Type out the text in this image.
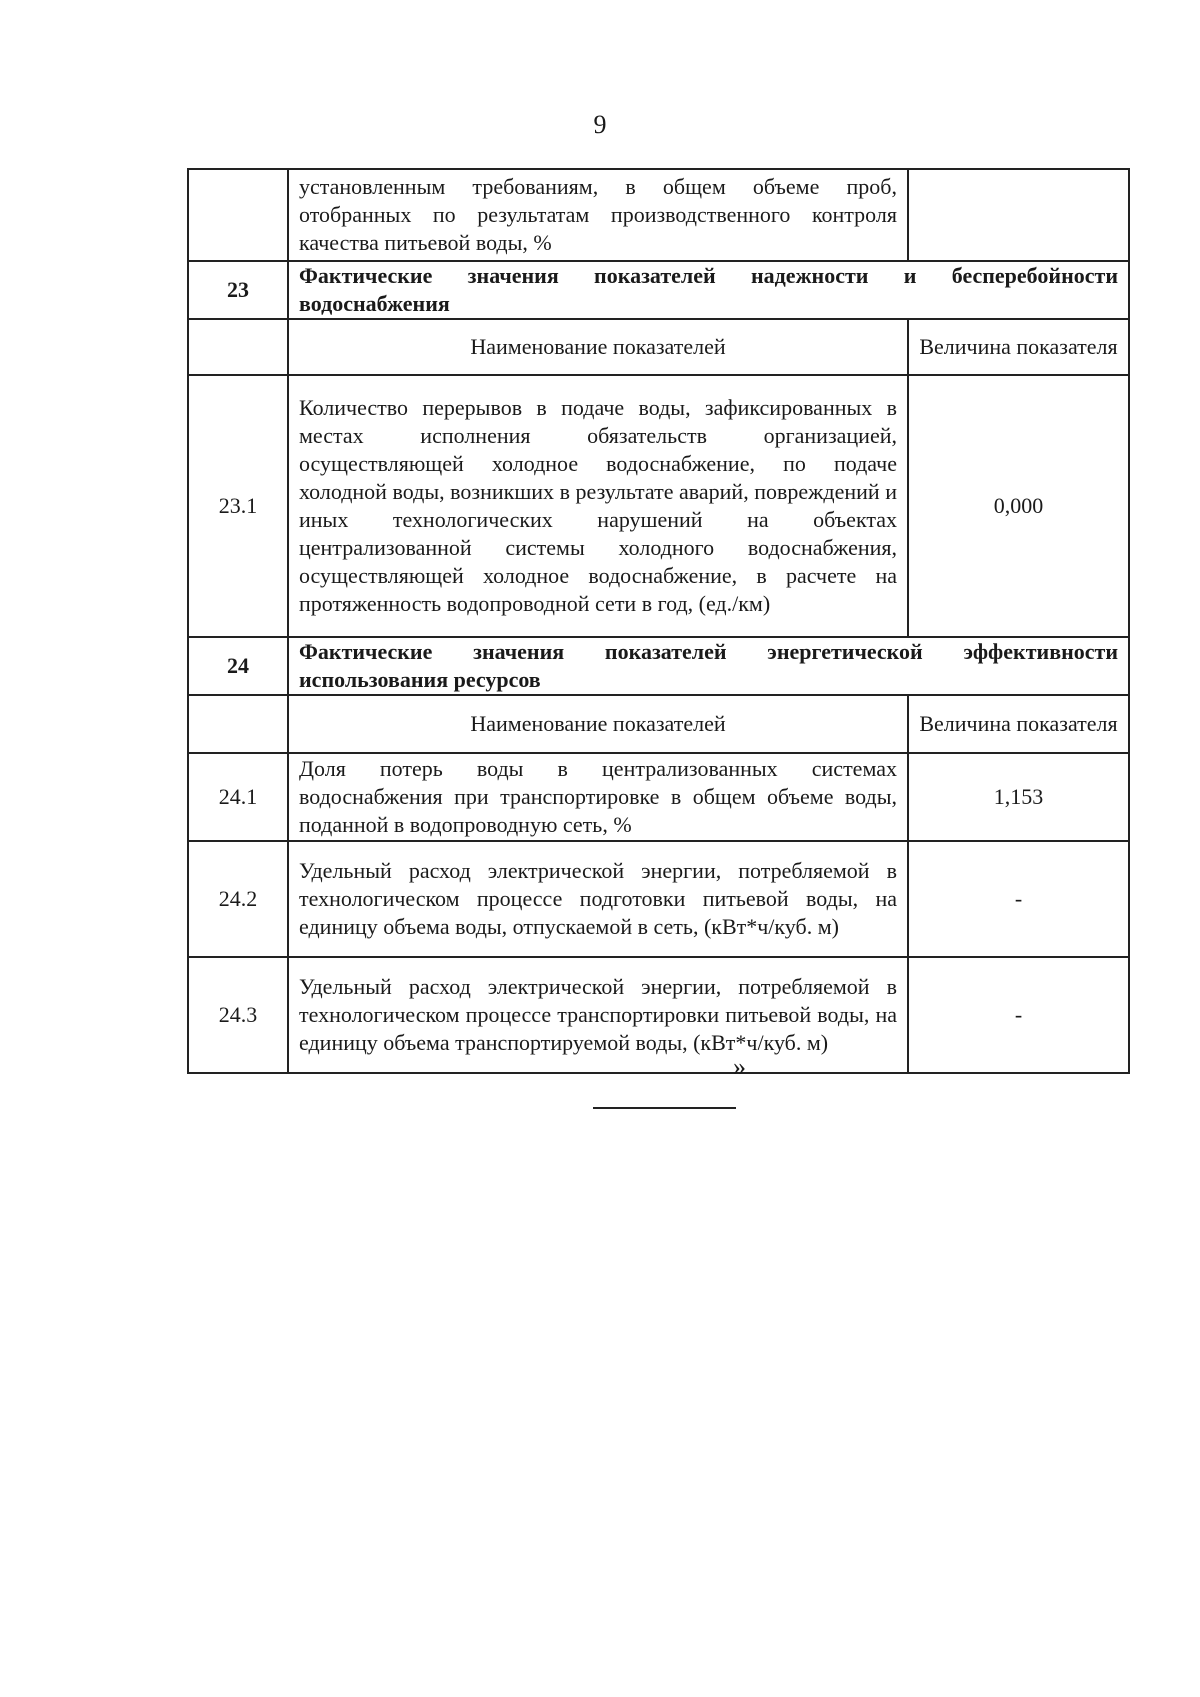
9
	установленным требованиям, в общем объеме проб, отобранных по результатам производственного контроля качества питьевой воды, %	
23	Фактические значения показателей надежности и бесперебойности водоснабжения	
	Наименование показателей	Величина показателя
23.1	Количество перерывов в подаче воды, зафиксированных в местах исполнения обязательств организацией, осуществляющей холодное водоснабжение, по подаче холодной воды, возникших в результате аварий, повреждений и иных технологических нарушений на объектах централизованной системы холодного водоснабжения, осуществляющей холодное водоснабжение, в расчете на протяженность водопроводной сети в год, (ед./км)	0,000
24	Фактические значения показателей энергетической эффективности использования ресурсов	
	Наименование показателей	Величина показателя
24.1	Доля потерь воды в централизованных системах водоснабжения при транспортировке в общем объеме воды, поданной в водопроводную сеть, %	1,153
24.2	Удельный расход электрической энергии, потребляемой в технологическом процессе подготовки питьевой воды, на единицу объема воды, отпускаемой в сеть, (кВт*ч/куб. м)	-
24.3	Удельный расход электрической энергии, потребляемой в технологическом процессе транспортировки питьевой воды, на единицу объема транспортируемой воды, (кВт*ч/куб. м)	-
»
